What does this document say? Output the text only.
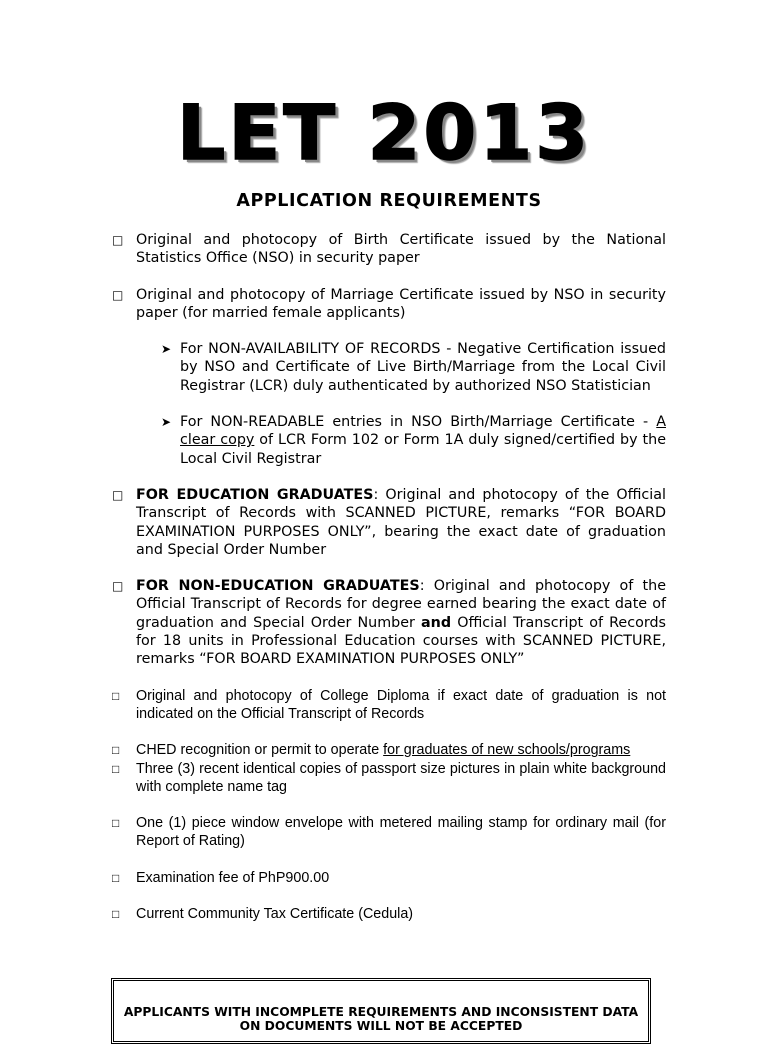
LET 2013
APPLICATION REQUIREMENTS
□ Original and photocopy of Birth Certificate issued by the National Statistics Office (NSO) in security paper
□ Original and photocopy of Marriage Certificate issued by NSO in security paper (for married female applicants)
➤ For NON-AVAILABILITY OF RECORDS - Negative Certification issued by NSO and Certificate of Live Birth/Marriage from the Local Civil Registrar (LCR) duly authenticated by authorized NSO Statistician
➤ For NON-READABLE entries in NSO Birth/Marriage Certificate - A clear copy of LCR Form 102 or Form 1A duly signed/certified by the Local Civil Registrar
□ FOR EDUCATION GRADUATES: Original and photocopy of the Official Transcript of Records with SCANNED PICTURE, remarks “FOR BOARD EXAMINATION PURPOSES ONLY”, bearing the exact date of graduation and Special Order Number
□ FOR NON-EDUCATION GRADUATES: Original and photocopy of the Official Transcript of Records for degree earned bearing the exact date of graduation and Special Order Number and Official Transcript of Records for 18 units in Professional Education courses with SCANNED PICTURE, remarks “FOR BOARD EXAMINATION PURPOSES ONLY”
□ Original and photocopy of College Diploma if exact date of graduation is not indicated on the Official Transcript of Records
□ CHED recognition or permit to operate for graduates of new schools/programs
□ Three (3) recent identical copies of passport size pictures in plain white background with complete name tag
□ One (1) piece window envelope with metered mailing stamp for ordinary mail (for Report of Rating)
□ Examination fee of PhP900.00
□ Current Community Tax Certificate (Cedula)
APPLICANTS WITH INCOMPLETE REQUIREMENTS AND INCONSISTENT DATA ON DOCUMENTS WILL NOT BE ACCEPTED
